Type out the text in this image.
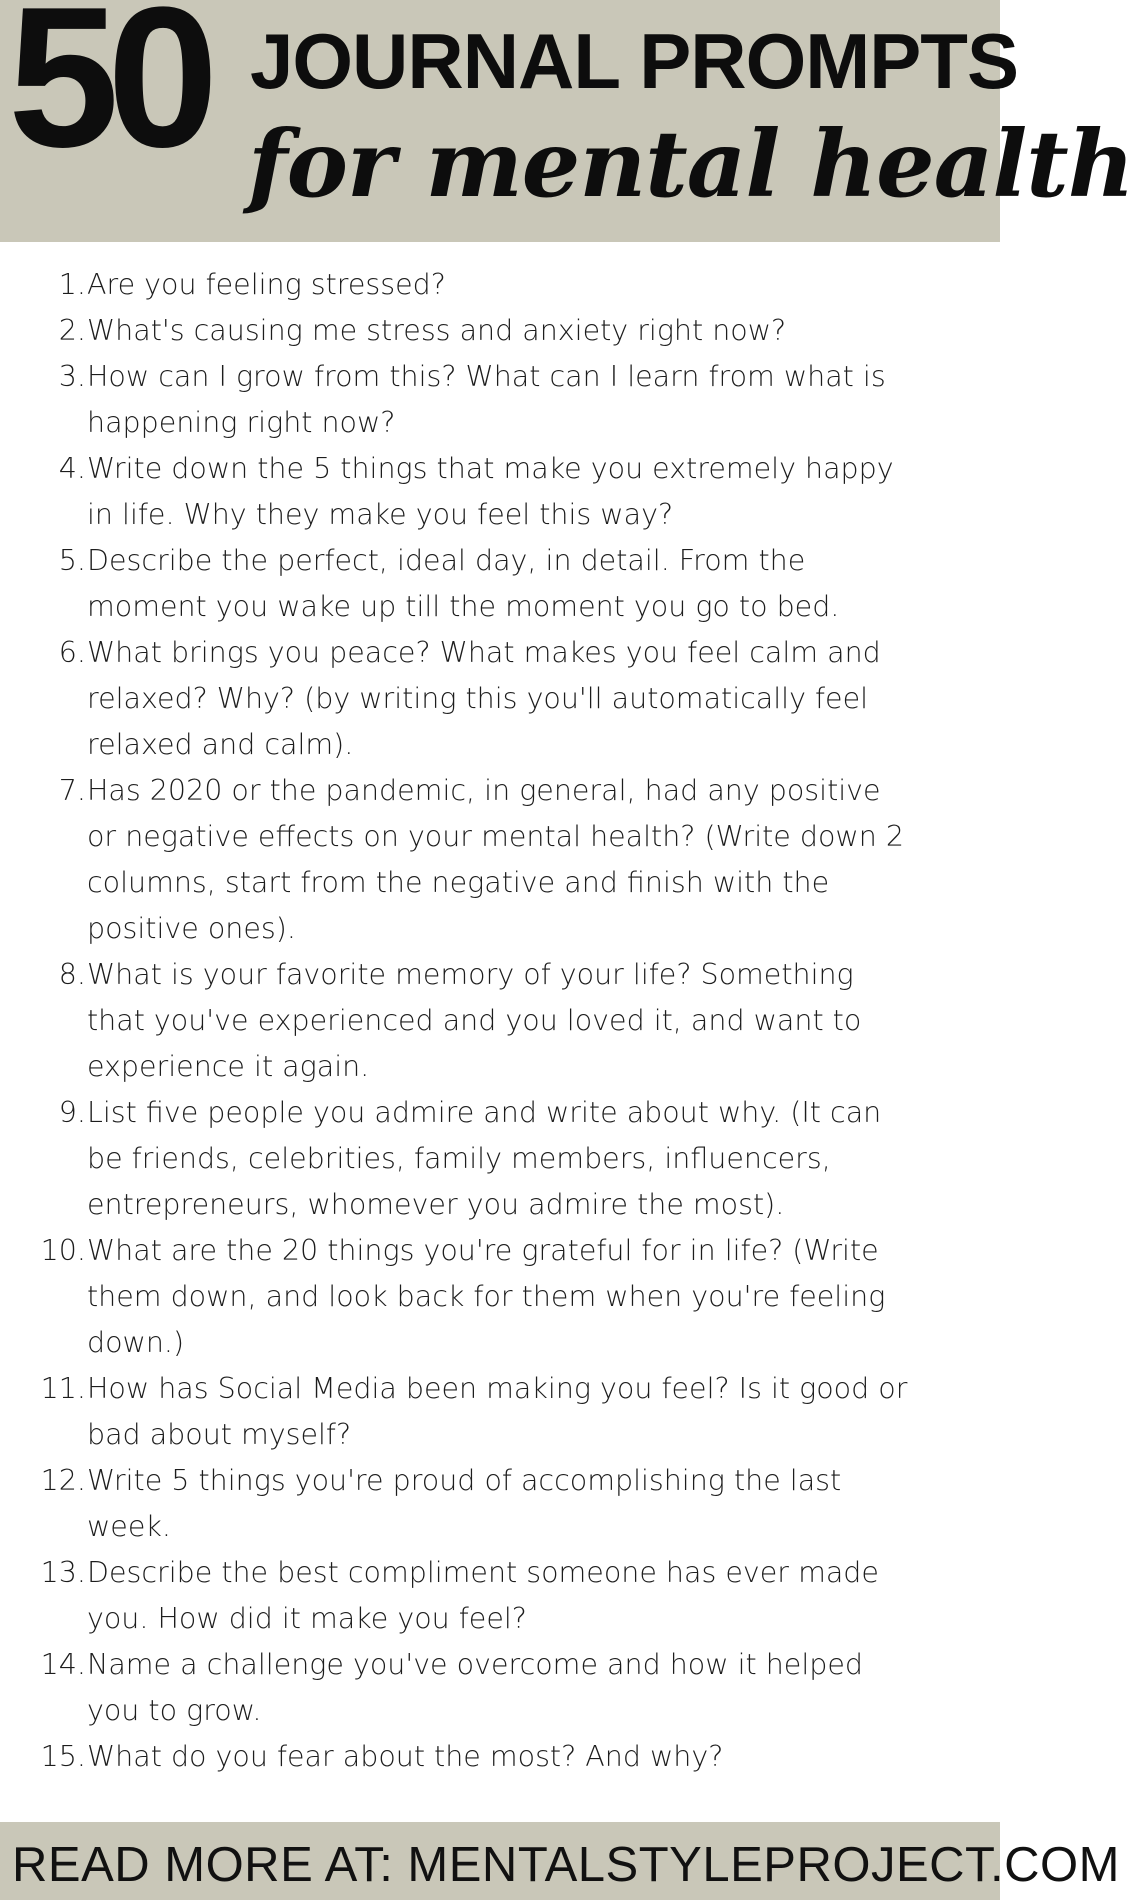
50 JOURNAL PROMPTS
for mental health
1. Are you feeling stressed?
2. What's causing me stress and anxiety right now?
3. How can I grow from this? What can I learn from what is happening right now?
4. Write down the 5 things that make you extremely happy in life. Why they make you feel this way?
5. Describe the perfect, ideal day, in detail. From the moment you wake up till the moment you go to bed.
6. What brings you peace? What makes you feel calm and relaxed? Why? (by writing this you'll automatically feel relaxed and calm).
7. Has 2020 or the pandemic, in general, had any positive or negative effects on your mental health? (Write down 2 columns, start from the negative and finish with the positive ones).
8. What is your favorite memory of your life? Something that you've experienced and you loved it, and want to experience it again.
9. List five people you admire and write about why. (It can be friends, celebrities, family members, influencers, entrepreneurs, whomever you admire the most).
10. What are the 20 things you're grateful for in life? (Write them down, and look back for them when you're feeling down.)
11. How has Social Media been making you feel? Is it good or bad about myself?
12. Write 5 things you're proud of accomplishing the last week.
13. Describe the best compliment someone has ever made you. How did it make you feel?
14. Name a challenge you've overcome and how it helped you to grow.
15. What do you fear about the most? And why?
READ MORE AT: MENTALSTYLEPROJECT.COM
